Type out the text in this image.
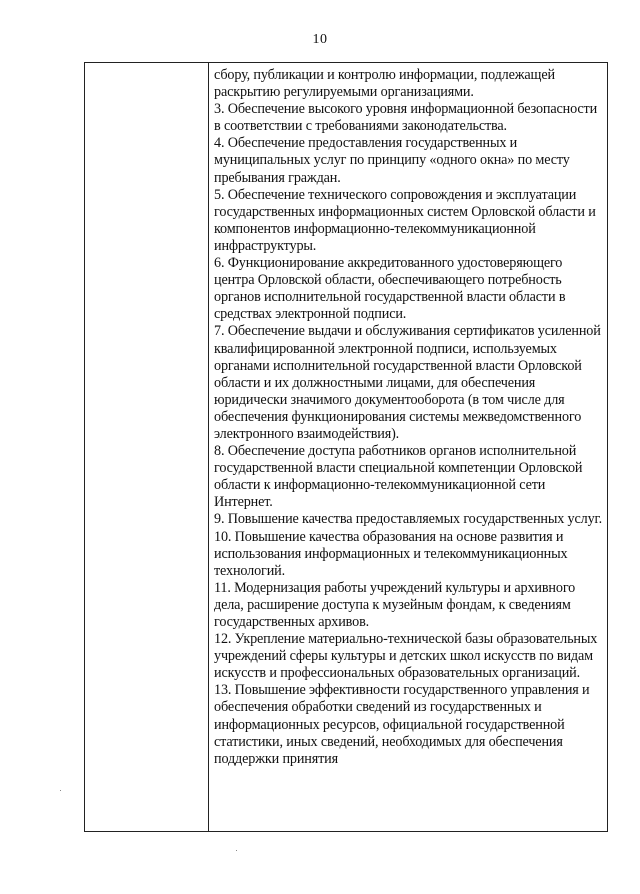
10

сбору, публикации и контролю информации, подлежащей раскрытию регулируемыми организациями.

3. Обеспечение высокого уровня информационной безопасности в соответствии с требованиями законодательства.

4. Обеспечение предоставления государственных и муниципальных услуг по принципу «одного окна» по месту пребывания граждан.

5. Обеспечение технического сопровождения и эксплуатации государственных информационных систем Орловской области и компонентов информационно-телекоммуникационной инфраструктуры.

6. Функционирование аккредитованного удостоверяющего центра Орловской области, обеспечивающего потребность органов исполнительной государственной власти области в средствах электронной подписи.

7. Обеспечение выдачи и обслуживания сертификатов усиленной квалифицированной электронной подписи, используемых органами исполнительной государственной власти Орловской области и их должностными лицами, для обеспечения юридически значимого документооборота (в том числе для обеспечения функционирования системы межведомственного электронного взаимодействия).

8. Обеспечение доступа работников органов исполнительной государственной власти специальной компетенции Орловской области к информационно-телекоммуникационной сети Интернет.

9. Повышение качества предоставляемых государственных услуг.

10. Повышение качества образования на основе развития и использования информационных и телекоммуникационных технологий.

11. Модернизация работы учреждений культуры и архивного дела, расширение доступа к музейным фондам, к сведениям государственных архивов.

12. Укрепление материально-технической базы образовательных учреждений сферы культуры и детских школ искусств по видам искусств и профессиональных образовательных организаций.

13. Повышение эффективности государственного управления и обеспечения обработки сведений из государственных и информационных ресурсов, официальной государственной статистики, иных сведений, необходимых для обеспечения поддержки принятия
